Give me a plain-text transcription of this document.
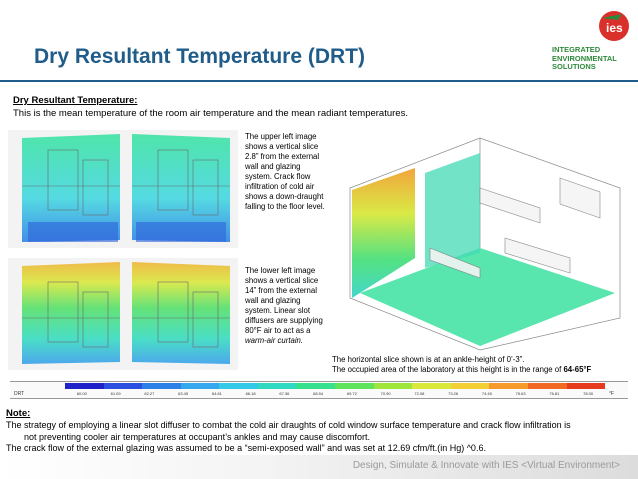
Dry Resultant Temperature (DRT)
ies
INTEGRATED
ENVIRONMENTAL
SOLUTIONS
Dry Resultant Temperature:
This is the mean temperature of the room air temperature and the mean radiant temperatures.
The upper left image shows a vertical slice 2.8” from the external wall and glazing system. Crack flow infiltration of cold air shows a down-draught falling to the floor level.
The lower left image shows a vertical slice 14” from the external wall and glazing system. Linear slot diffusers are supplying 80°F air to act as a warm-air curtain.
The horizontal slice shown is at an ankle-height of 0’-3”.
The occupied area of the laboratory at this height is in the range of 64-65°F
DRT	60.00	61.09	62.27	63.45	64.81	66.18	67.36	68.54	69.72	70.90	72.08	73.26	74.45	75.63	76.81	78.00	°F
Note:
The strategy of employing a linear slot diffuser to combat the cold air draughts of cold window surface temperature and crack flow infiltration is
not preventing cooler air temperatures at occupant’s ankles and may cause discomfort.
The crack flow of the external glazing was assumed to be a “semi-exposed wall” and was set at 12.69 cfm/ft.(in Hg) ^0.6.
Design, Simulate & Innovate with IES <Virtual Environment>
